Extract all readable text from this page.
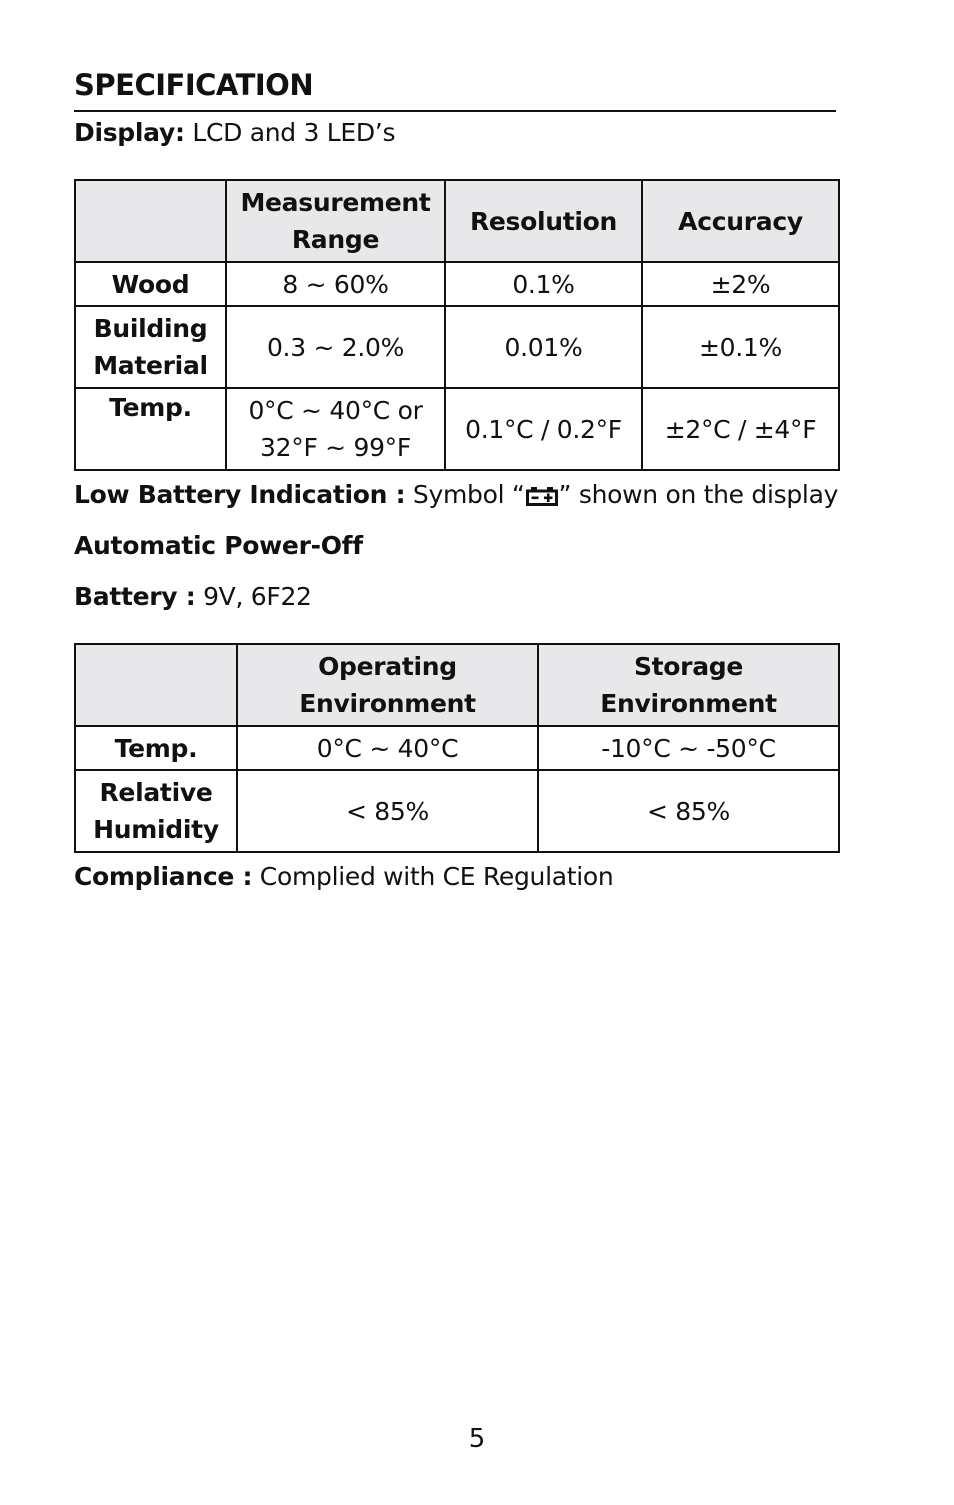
SPECIFICATION
Display: LCD and 3 LED’s
	Measurement Range	Resolution	Accuracy
Wood	8 ~ 60%	0.1%	±2%
Building Material	0.3 ~ 2.0%	0.01%	±0.1%
Temp.	0°C ~ 40°C or 32°F ~ 99°F	0.1°C / 0.2°F	±2°C / ±4°F
Low Battery Indication : Symbol “ ” shown on the display
Automatic Power-Off
Battery : 9V, 6F22
	Operating Environment	Storage Environment
Temp.	0°C ~ 40°C	-10°C ~ -50°C
Relative Humidity	< 85%	< 85%
Compliance : Complied with CE Regulation
5
